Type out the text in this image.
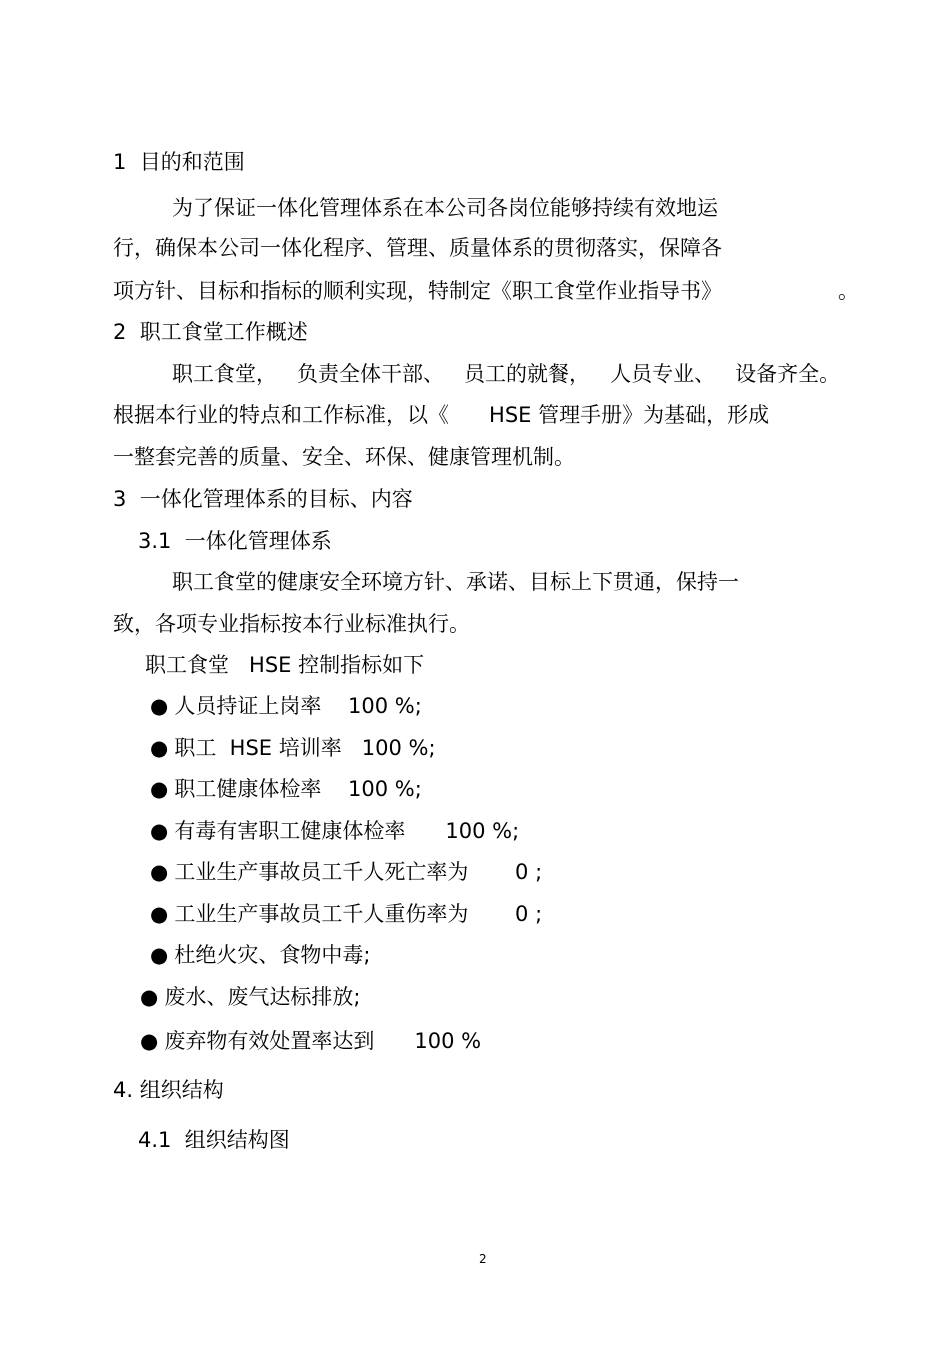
1  目的和范围
为了保证一体化管理体系在本公司各岗位能够持续有效地运
行，确保本公司一体化程序、管理、质量体系的贯彻落实，保障各
项方针、目标和指标的顺利实现，特制定《职工食堂作业指导书》	。
2  职工食堂工作概述
职工食堂，   负责全体干部、   员工的就餐，   人员专业、   设备齐全。
根据本行业的特点和工作标准，以《      HSE 管理手册》为基础，形成
一整套完善的质量、安全、环保、健康管理机制。
3  一体化管理体系的目标、内容
3.1  一体化管理体系
职工食堂的健康安全环境方针、承诺、目标上下贯通，保持一
致，各项专业指标按本行业标准执行。
职工食堂   HSE 控制指标如下
● 人员持证上岗率    100 %;
● 职工  HSE 培训率   100 %;
● 职工健康体检率    100 %;
● 有毒有害职工健康体检率      100 %;
● 工业生产事故员工千人死亡率为       0 ;
● 工业生产事故员工千人重伤率为       0 ;
● 杜绝火灾、食物中毒;
● 废水、废气达标排放;
● 废弃物有效处置率达到      100 %
4. 组织结构
4.1  组织结构图
2
